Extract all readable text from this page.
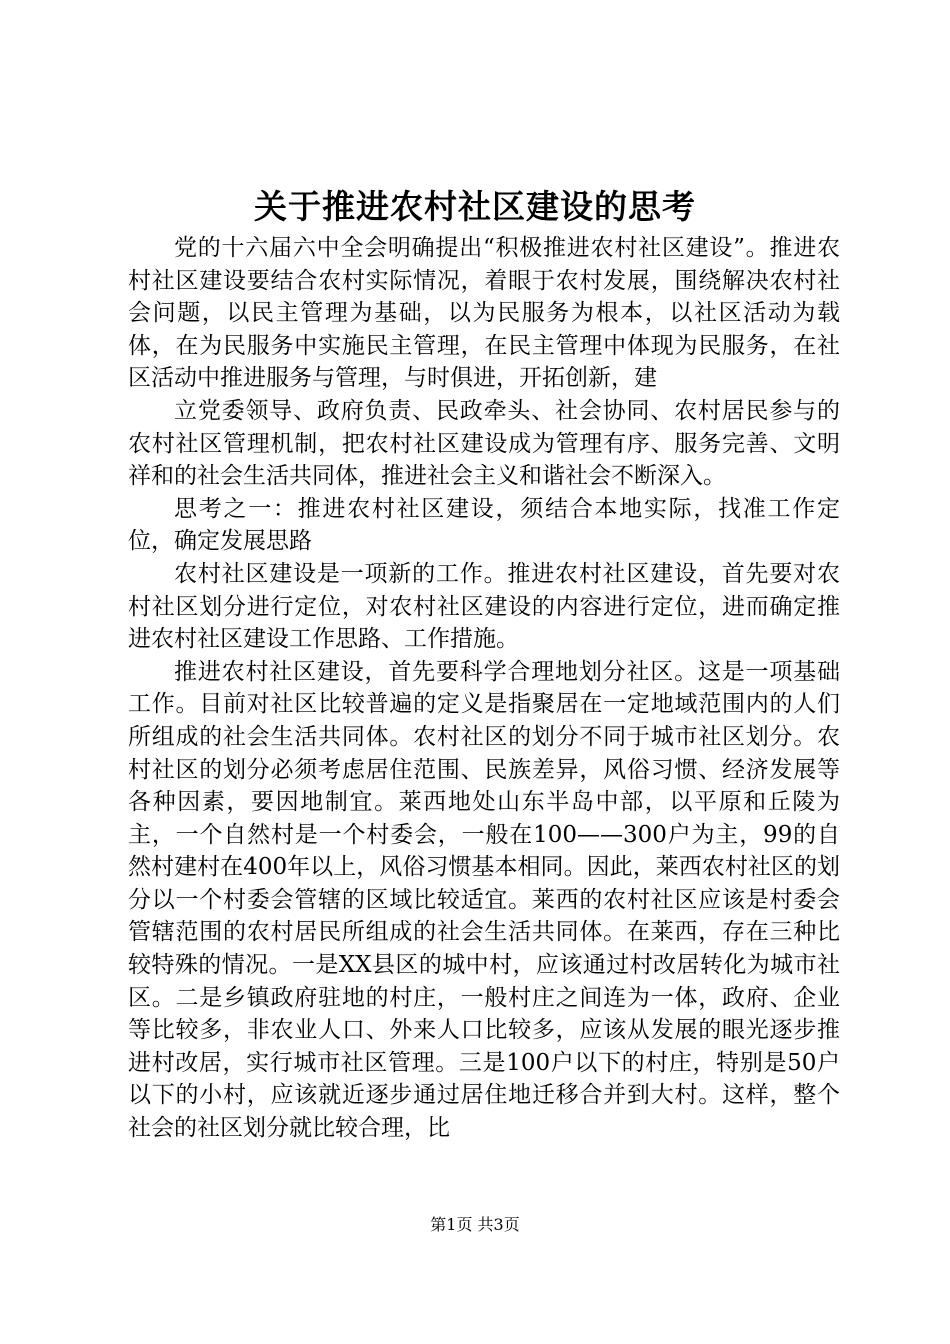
关于推进农村社区建设的思考

党的十六届六中全会明确提出“积极推进农村社区建设”。推进农村社区建设要结合农村实际情况，着眼于农村发展，围绕解决农村社会问题，以民主管理为基础，以为民服务为根本，以社区活动为载体，在为民服务中实施民主管理，在民主管理中体现为民服务，在社区活动中推进服务与管理，与时俱进，开拓创新，建

立党委领导、政府负责、民政牵头、社会协同、农村居民参与的农村社区管理机制，把农村社区建设成为管理有序、服务完善、文明祥和的社会生活共同体，推进社会主义和谐社会不断深入。

思考之一：推进农村社区建设，须结合本地实际，找准工作定位，确定发展思路

农村社区建设是一项新的工作。推进农村社区建设，首先要对农村社区划分进行定位，对农村社区建设的内容进行定位，进而确定推进农村社区建设工作思路、工作措施。

推进农村社区建设，首先要科学合理地划分社区。这是一项基础工作。目前对社区比较普遍的定义是指聚居在一定地域范围内的人们所组成的社会生活共同体。农村社区的划分不同于城市社区划分。农村社区的划分必须考虑居住范围、民族差异，风俗习惯、经济发展等各种因素，要因地制宜。莱西地处山东半岛中部，以平原和丘陵为主，一个自然村是一个村委会，一般在100——300户为主，99的自然村建村在400年以上，风俗习惯基本相同。因此，莱西农村社区的划分以一个村委会管辖的区域比较适宜。莱西的农村社区应该是村委会管辖范围的农村居民所组成的社会生活共同体。在莱西，存在三种比较特殊的情况。一是XX县区的城中村，应该通过村改居转化为城市社区。二是乡镇政府驻地的村庄，一般村庄之间连为一体，政府、企业等比较多，非农业人口、外来人口比较多，应该从发展的眼光逐步推进村改居，实行城市社区管理。三是100户以下的村庄，特别是50户以下的小村，应该就近逐步通过居住地迁移合并到大村。这样，整个社会的社区划分就比较合理，比

第1页 共3页
